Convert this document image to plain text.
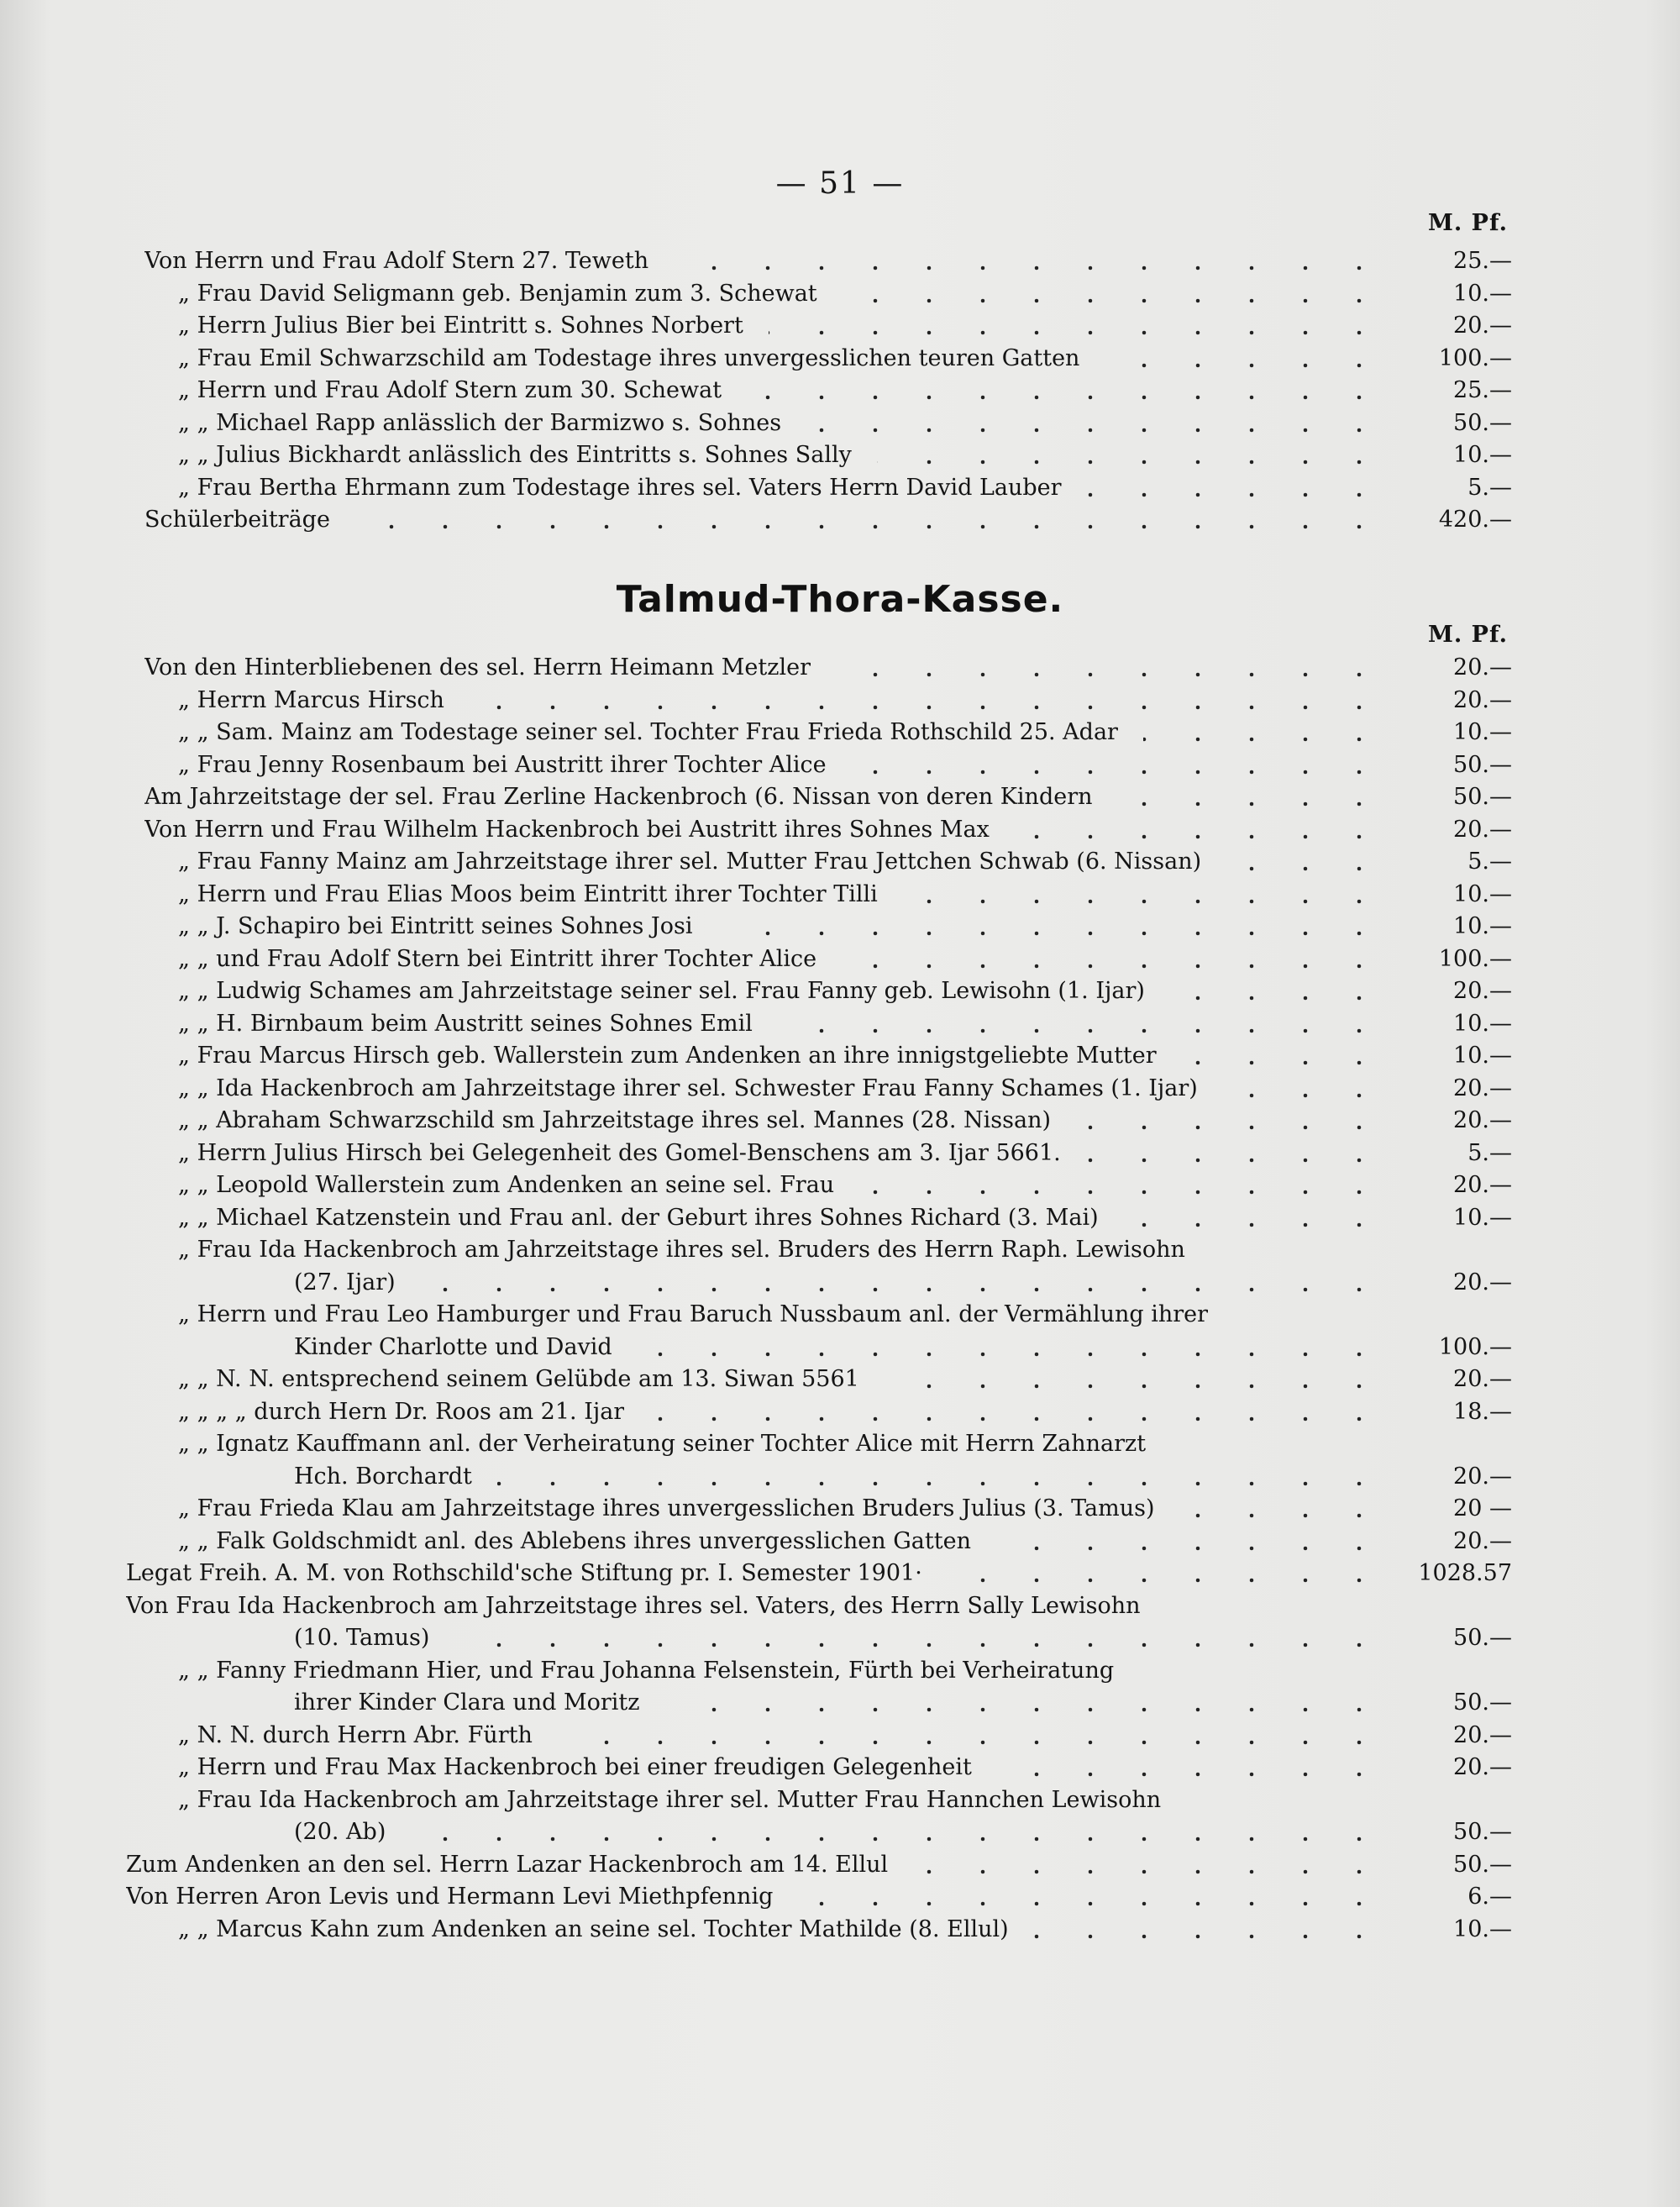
— 51 —
M. Pf.
Von Herrn und Frau Adolf Stern 27. Teweth	25.—
„ Frau David Seligmann geb. Benjamin zum 3. Schewat	10.—
„ Herrn Julius Bier bei Eintritt s. Sohnes Norbert	20.—
„ Frau Emil Schwarzschild am Todestage ihres unvergesslichen teuren Gatten	100.—
„ Herrn und Frau Adolf Stern zum 30. Schewat	25.—
„ „ Michael Rapp anlässlich der Barmizwo s. Sohnes	50.—
„ „ Julius Bickhardt anlässlich des Eintritts s. Sohnes Sally	10.—
„ Frau Bertha Ehrmann zum Todestage ihres sel. Vaters Herrn David Lauber	5.—
Schülerbeiträge	420.—
Talmud-Thora-Kasse.
M. Pf.
Von den Hinterbliebenen des sel. Herrn Heimann Metzler	20.—
„ Herrn Marcus Hirsch	20.—
„ „ Sam. Mainz am Todestage seiner sel. Tochter Frau Frieda Rothschild 25. Adar	10.—
„ Frau Jenny Rosenbaum bei Austritt ihrer Tochter Alice	50.—
Am Jahrzeitstage der sel. Frau Zerline Hackenbroch (6. Nissan von deren Kindern	50.—
Von Herrn und Frau Wilhelm Hackenbroch bei Austritt ihres Sohnes Max	20.—
„ Frau Fanny Mainz am Jahrzeitstage ihrer sel. Mutter Frau Jettchen Schwab (6. Nissan)	5.—
„ Herrn und Frau Elias Moos beim Eintritt ihrer Tochter Tilli	10.—
„ „ J. Schapiro bei Eintritt seines Sohnes Josi	10.—
„ „ und Frau Adolf Stern bei Eintritt ihrer Tochter Alice	100.—
„ „ Ludwig Schames am Jahrzeitstage seiner sel. Frau Fanny geb. Lewisohn (1. Ijar)	20.—
„ „ H. Birnbaum beim Austritt seines Sohnes Emil	10.—
„ Frau Marcus Hirsch geb. Wallerstein zum Andenken an ihre innigstgeliebte Mutter	10.—
„ „ Ida Hackenbroch am Jahrzeitstage ihrer sel. Schwester Frau Fanny Schames (1. Ijar)	20.—
„ „ Abraham Schwarzschild sm Jahrzeitstage ihres sel. Mannes (28. Nissan)	20.—
„ Herrn Julius Hirsch bei Gelegenheit des Gomel-Benschens am 3. Ijar 5661.	5.—
„ „ Leopold Wallerstein zum Andenken an seine sel. Frau	20.—
„ „ Michael Katzenstein und Frau anl. der Geburt ihres Sohnes Richard (3. Mai)	10.—
„ Frau Ida Hackenbroch am Jahrzeitstage ihres sel. Bruders des Herrn Raph. Lewisohn
(27. Ijar)	20.—
„ Herrn und Frau Leo Hamburger und Frau Baruch Nussbaum anl. der Vermählung ihrer
Kinder Charlotte und David	100.—
„ „ N. N. entsprechend seinem Gelübde am 13. Siwan 5561	20.—
„ „ „ „ durch Hern Dr. Roos am 21. Ijar	18.—
„ „ Ignatz Kauffmann anl. der Verheiratung seiner Tochter Alice mit Herrn Zahnarzt
Hch. Borchardt	20.—
„ Frau Frieda Klau am Jahrzeitstage ihres unvergesslichen Bruders Julius (3. Tamus)	20 —
„ „ Falk Goldschmidt anl. des Ablebens ihres unvergesslichen Gatten	20.—
Legat Freih. A. M. von Rothschild'sche Stiftung pr. I. Semester 1901·	1028.57
Von Frau Ida Hackenbroch am Jahrzeitstage ihres sel. Vaters, des Herrn Sally Lewisohn
(10. Tamus)	50.—
„ „ Fanny Friedmann Hier, und Frau Johanna Felsenstein, Fürth bei Verheiratung
ihrer Kinder Clara und Moritz	50.—
„ N. N. durch Herrn Abr. Fürth	20.—
„ Herrn und Frau Max Hackenbroch bei einer freudigen Gelegenheit	20.—
„ Frau Ida Hackenbroch am Jahrzeitstage ihrer sel. Mutter Frau Hannchen Lewisohn
(20. Ab)	50.—
Zum Andenken an den sel. Herrn Lazar Hackenbroch am 14. Ellul	50.—
Von Herren Aron Levis und Hermann Levi Miethpfennig	6.—
„ „ Marcus Kahn zum Andenken an seine sel. Tochter Mathilde (8. Ellul)	10.—
